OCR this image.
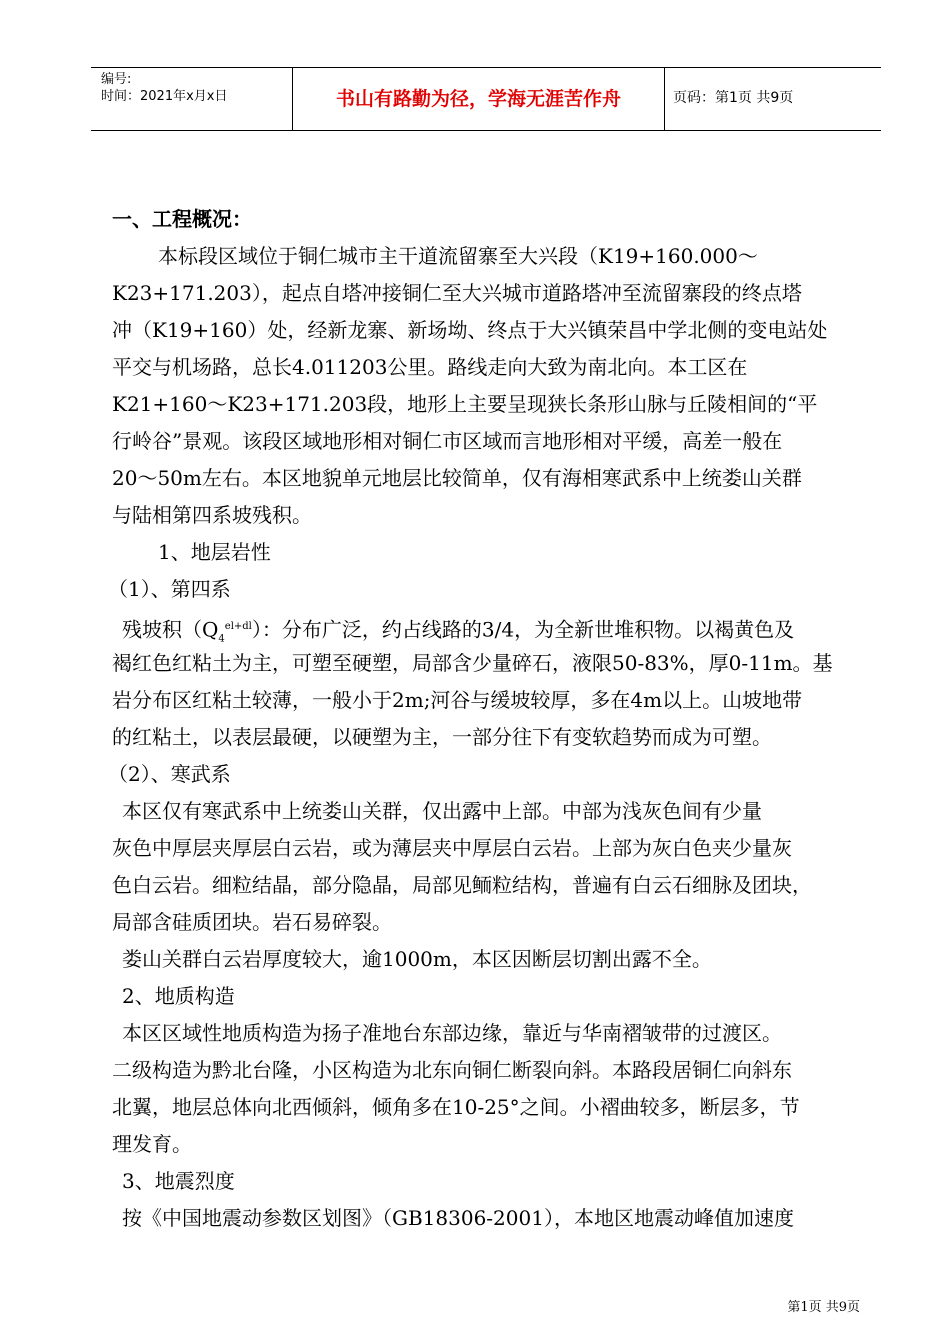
编号:
时间：2021年x月x日	书山有路勤为径，学海无涯苦作舟	页码：第1页 共9页
一、工程概况：
本标段区域位于铜仁城市主干道流留寨至大兴段（K19+160.000～
K23+171.203），起点自塔冲接铜仁至大兴城市道路塔冲至流留寨段的终点塔
冲（K19+160）处，经新龙寨、新场坳、终点于大兴镇荣昌中学北侧的变电站处
平交与机场路，总长4.011203公里。路线走向大致为南北向。本工区在
K21+160～K23+171.203段，地形上主要呈现狭长条形山脉与丘陵相间的“平
行岭谷”景观。该段区域地形相对铜仁市区域而言地形相对平缓，高差一般在
20～50m左右。本区地貌单元地层比较简单，仅有海相寒武系中上统娄山关群
与陆相第四系坡残积。
1、地层岩性
（1）、第四系
残坡积$(Q_4^{el+dl})$：分布广泛，约占线路的3/4，为全新世堆积物。以褐黄色及
褐红色红粘土为主，可塑至硬塑，局部含少量碎石，液限50-83%，厚0-11m。基
岩分布区红粘土较薄，一般小于2m;河谷与缓坡较厚，多在4m以上。山坡地带
的红粘土，以表层最硬，以硬塑为主，一部分往下有变软趋势而成为可塑。
（2）、寒武系
本区仅有寒武系中上统娄山关群，仅出露中上部。中部为浅灰色间有少量
灰色中厚层夹厚层白云岩，或为薄层夹中厚层白云岩。上部为灰白色夹少量灰
色白云岩。细粒结晶，部分隐晶，局部见鲕粒结构，普遍有白云石细脉及团块，
局部含硅质团块。岩石易碎裂。
娄山关群白云岩厚度较大，逾1000m，本区因断层切割出露不全。
2、地质构造
本区区域性地质构造为扬子准地台东部边缘，靠近与华南褶皱带的过渡区。
二级构造为黔北台隆，小区构造为北东向铜仁断裂向斜。本路段居铜仁向斜东
北翼，地层总体向北西倾斜，倾角多在10-25°之间。小褶曲较多，断层多，节
理发育。
3、地震烈度
按《中国地震动参数区划图》（GB18306-2001），本地区地震动峰值加速度
第1页 共9页
